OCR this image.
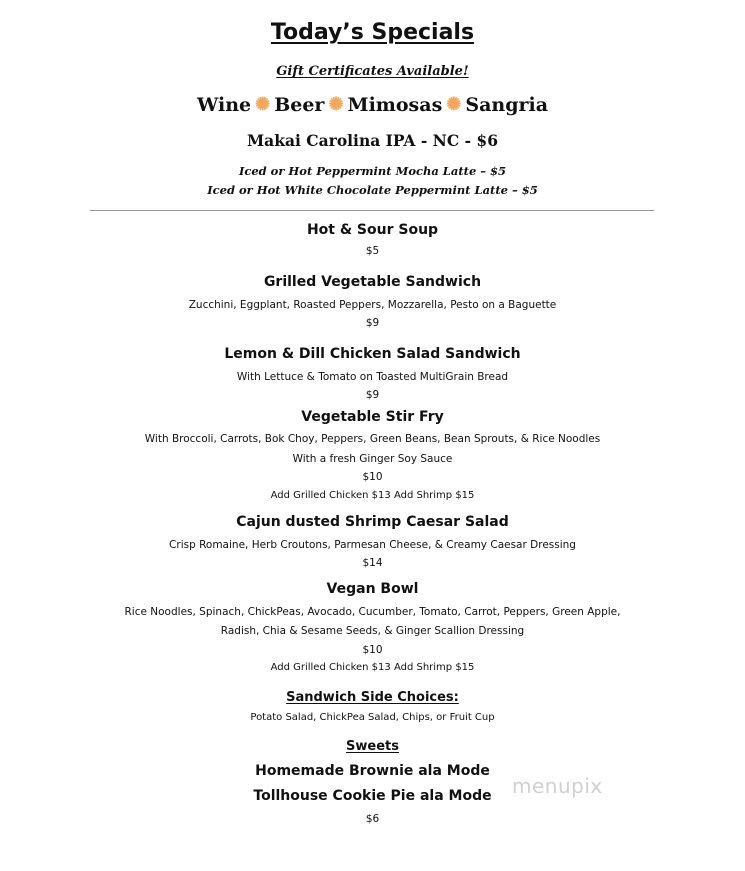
Today’s Specials
Gift Certificates Available!
Wine ✺ Beer ✺ Mimosas ✺ Sangria
Makai Carolina IPA - NC - $6
Iced or Hot Peppermint Mocha Latte – $5
Iced or Hot White Chocolate Peppermint Latte – $5
Hot & Sour Soup
$5
Grilled Vegetable Sandwich
Zucchini, Eggplant, Roasted Peppers, Mozzarella, Pesto on a Baguette
$9
Lemon & Dill Chicken Salad Sandwich
With Lettuce & Tomato on Toasted MultiGrain Bread
$9
Vegetable Stir Fry
With Broccoli, Carrots, Bok Choy, Peppers, Green Beans, Bean Sprouts, & Rice Noodles
With a fresh Ginger Soy Sauce
$10
Add Grilled Chicken $13 Add Shrimp $15
Cajun dusted Shrimp Caesar Salad
Crisp Romaine, Herb Croutons, Parmesan Cheese, & Creamy Caesar Dressing
$14
Vegan Bowl
Rice Noodles, Spinach, ChickPeas, Avocado, Cucumber, Tomato, Carrot, Peppers, Green Apple,
Radish, Chia & Sesame Seeds, & Ginger Scallion Dressing
$10
Add Grilled Chicken $13 Add Shrimp $15
Sandwich Side Choices:
Potato Salad, ChickPea Salad, Chips, or Fruit Cup
Sweets
Homemade Brownie ala Mode
Tollhouse Cookie Pie ala Mode
$6
menupix
